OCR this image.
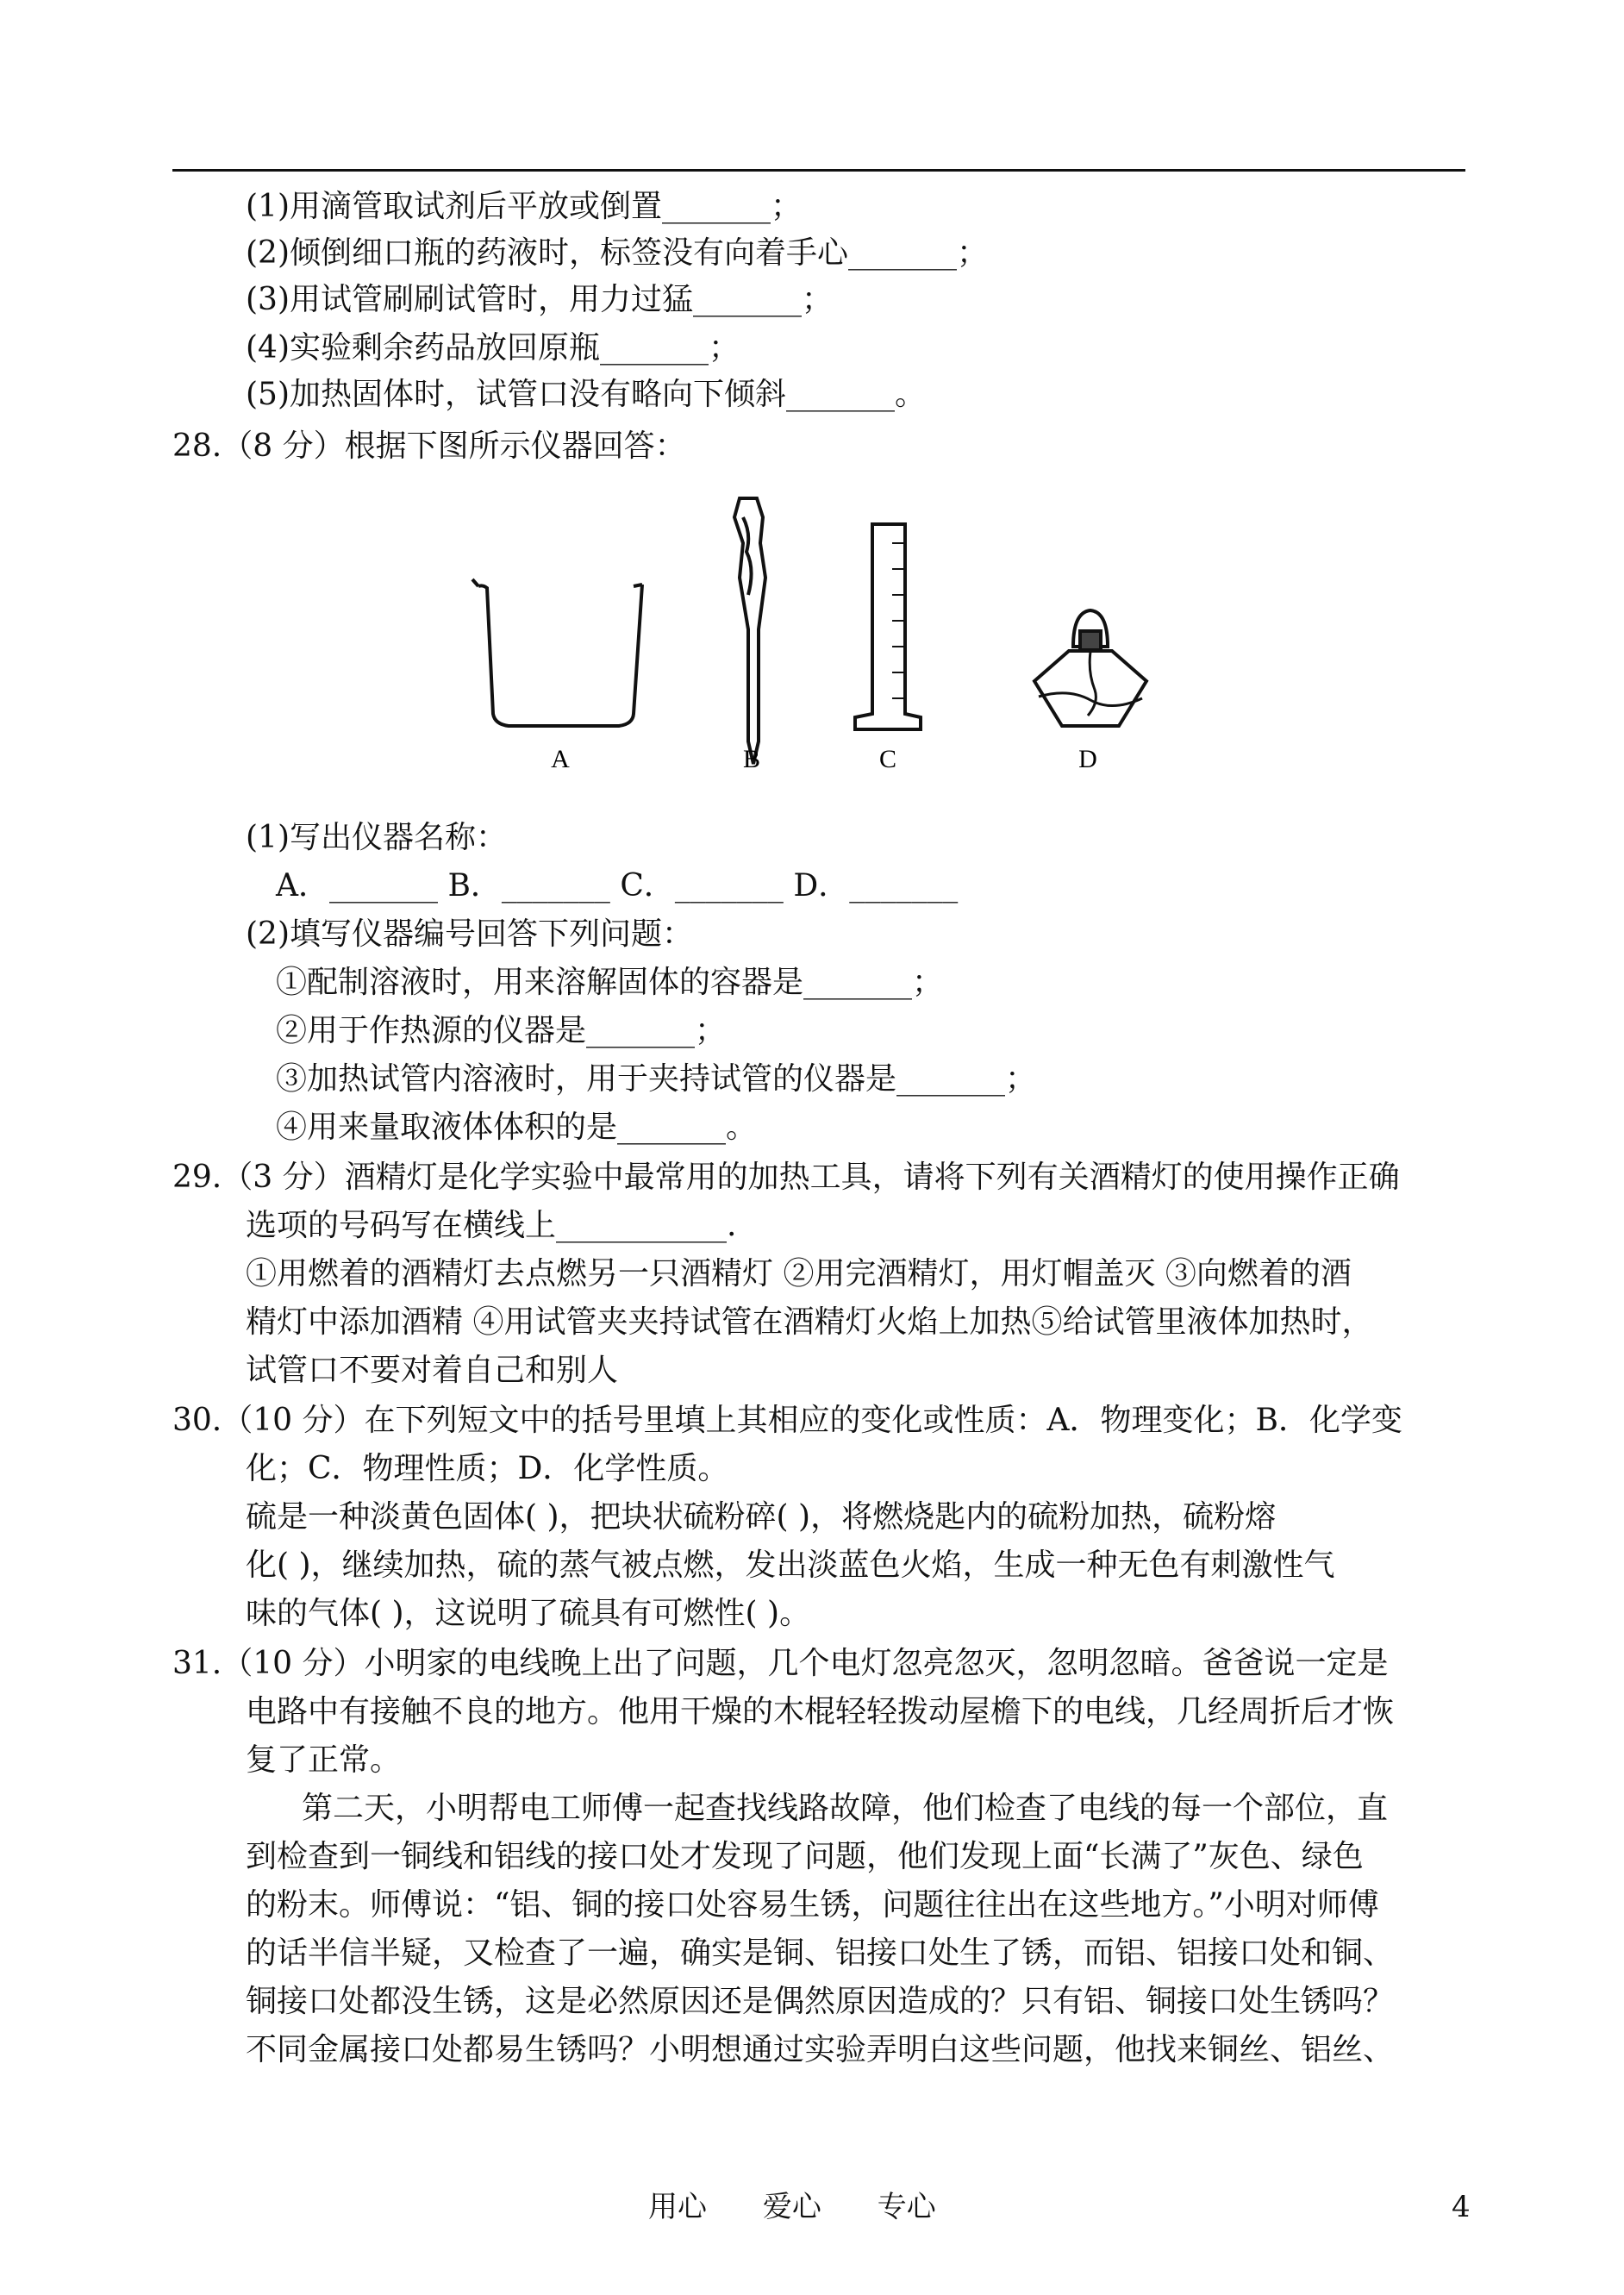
(1)用滴管取试剂后平放或倒置_______；
(2)倾倒细口瓶的药液时，标签没有向着手心_______；
(3)用试管刷刷试管时，用力过猛_______；
(4)实验剩余药品放回原瓶_______；
(5)加热固体时，试管口没有略向下倾斜_______。
28.（8 分）根据下图所示仪器回答：
A	B	C	D
(1)写出仪器名称：
A．_______ B．_______ C．_______ D．_______
(2)填写仪器编号回答下列问题：
①配制溶液时，用来溶解固体的容器是_______；
②用于作热源的仪器是_______；
③加热试管内溶液时，用于夹持试管的仪器是_______；
④用来量取液体体积的是_______。
29.（3 分）酒精灯是化学实验中最常用的加热工具，请将下列有关酒精灯的使用操作正确
选项的号码写在横线上___________.
①用燃着的酒精灯去点燃另一只酒精灯 ②用完酒精灯，用灯帽盖灭 ③向燃着的酒
精灯中添加酒精 ④用试管夹夹持试管在酒精灯火焰上加热⑤给试管里液体加热时，
试管口不要对着自己和别人
30.（10 分）在下列短文中的括号里填上其相应的变化或性质：A．物理变化；B．化学变
化；C．物理性质；D．化学性质。
硫是一种淡黄色固体( )，把块状硫粉碎( )，将燃烧匙内的硫粉加热，硫粉熔
化( )，继续加热，硫的蒸气被点燃，发出淡蓝色火焰，生成一种无色有刺激性气
味的气体( )，这说明了硫具有可燃性( )。
31.（10 分）小明家的电线晚上出了问题，几个电灯忽亮忽灭，忽明忽暗。爸爸说一定是
电路中有接触不良的地方。他用干燥的木棍轻轻拨动屋檐下的电线，几经周折后才恢
复了正常。
第二天，小明帮电工师傅一起查找线路故障，他们检查了电线的每一个部位，直
到检查到一铜线和铝线的接口处才发现了问题，他们发现上面“长满了”灰色、绿色
的粉末。师傅说：“铝、铜的接口处容易生锈，问题往往出在这些地方。”小明对师傅
的话半信半疑，又检查了一遍，确实是铜、铝接口处生了锈，而铝、铝接口处和铜、
铜接口处都没生锈，这是必然原因还是偶然原因造成的？只有铝、铜接口处生锈吗？
不同金属接口处都易生锈吗？小明想通过实验弄明白这些问题，他找来铜丝、铝丝、
用心      爱心      专心	4
